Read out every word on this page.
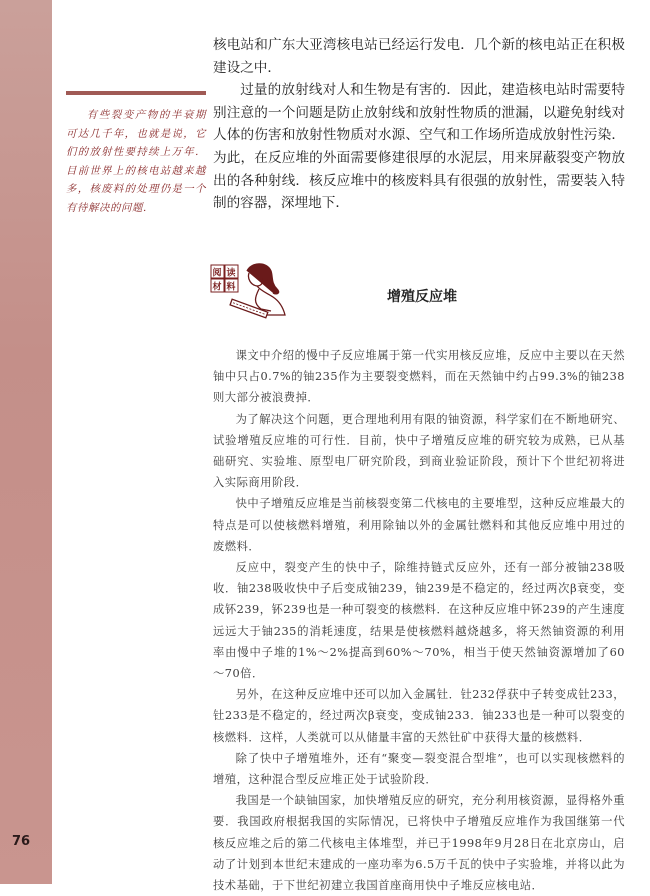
76

有些裂变产物的半衰期可达几千年，也就是说，它们的放射性要持续上万年．目前世界上的核电站越来越多，核废料的处理仍是一个有待解决的问题．

核电站和广东大亚湾核电站已经运行发电．几个新的核电站正在积极建设之中．

过量的放射线对人和生物是有害的．因此，建造核电站时需要特别注意的一个问题是防止放射线和放射性物质的泄漏，以避免射线对人体的伤害和放射性物质对水源、空气和工作场所造成放射性污染．为此，在反应堆的外面需要修建很厚的水泥层，用来屏蔽裂变产物放出的各种射线．核反应堆中的核废料具有很强的放射性，需要装入特制的容器，深埋地下．

阅 读
材 料
增殖反应堆

课文中介绍的慢中子反应堆属于第一代实用核反应堆，反应中主要以在天然铀中只占0.7%的铀235作为主要裂变燃料，而在天然铀中约占99.3%的铀238则大部分被浪费掉．

为了解决这个问题，更合理地利用有限的铀资源，科学家们在不断地研究、试验增殖反应堆的可行性．目前，快中子增殖反应堆的研究较为成熟，已从基础研究、实验堆、原型电厂研究阶段，到商业验证阶段，预计下个世纪初将进入实际商用阶段．

快中子增殖反应堆是当前核裂变第二代核电的主要堆型，这种反应堆最大的特点是可以使核燃料增殖，利用除铀以外的金属钍燃料和其他反应堆中用过的废燃料．

反应中，裂变产生的快中子，除维持链式反应外，还有一部分被铀238吸收．铀238吸收快中子后变成铀239，铀239是不稳定的，经过两次β衰变，变成钚239，钚239也是一种可裂变的核燃料．在这种反应堆中钚239的产生速度远远大于铀235的消耗速度，结果是使核燃料越烧越多，将天然铀资源的利用率由慢中子堆的1%～2%提高到60%～70%，相当于使天然铀资源增加了60～70倍．

另外，在这种反应堆中还可以加入金属钍．钍232俘获中子转变成钍233，钍233是不稳定的，经过两次β衰变，变成铀233．铀233也是一种可以裂变的核燃料．这样，人类就可以从储量丰富的天然钍矿中获得大量的核燃料．

除了快中子增殖堆外，还有“聚变—裂变混合型堆”，也可以实现核燃料的增殖，这种混合型反应堆正处于试验阶段．

我国是一个缺铀国家，加快增殖反应的研究，充分利用核资源，显得格外重要．我国政府根据我国的实际情况，已将快中子增殖反应堆作为我国继第一代核反应堆之后的第二代核电主体堆型，并已于1998年9月28日在北京房山，启动了计划到本世纪末建成的一座功率为6.5万千瓦的快中子实验堆，并将以此为技术基础，于下世纪初建立我国首座商用快中子堆反应核电站．
